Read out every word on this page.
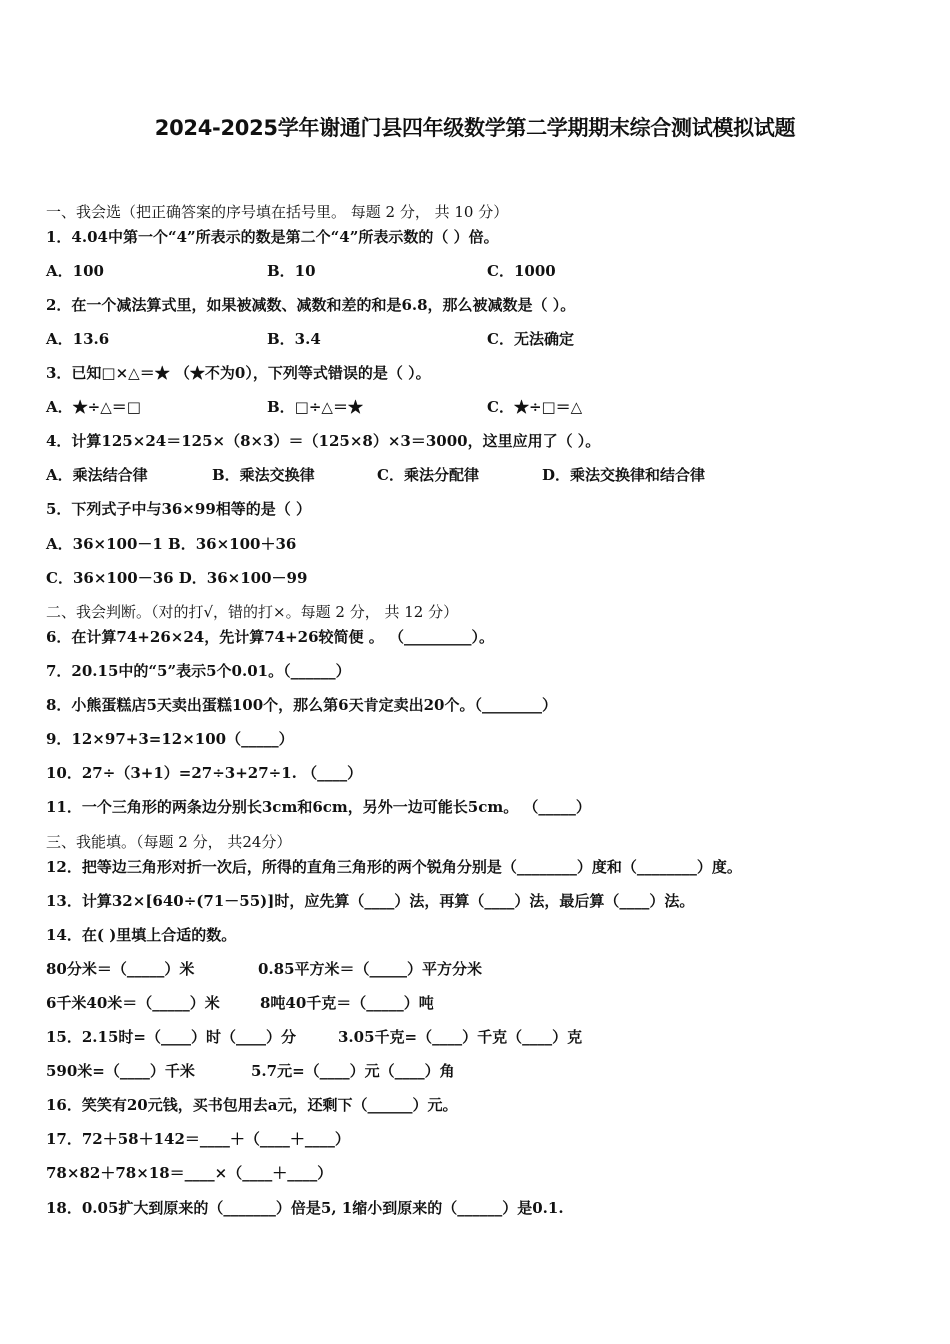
2024-2025学年谢通门县四年级数学第二学期期末综合测试模拟试题
一、我会选（把正确答案的序号填在括号里。 每题 2 分， 共 10 分）
1．4.04中第一个“4”所表示的数是第二个“4”所表示数的（ ）倍。
A．100	B．10	C．1000
2．在一个减法算式里，如果被减数、减数和差的和是6.8，那么被减数是（ ）。
A．13.6	B．3.4	C．无法确定
3．已知□×△＝★ （★不为0），下列等式错误的是（ ）。
A．★÷△＝□	B．□÷△＝★	C．★÷□＝△
4．计算125×24＝125×（8×3）＝（125×8）×3＝3000，这里应用了（ ）。
A．乘法结合律	B．乘法交换律	C．乘法分配律	D．乘法交换律和结合律
5．下列式子中与36×99相等的是（ ）
A．36×100－1 B．36×100＋36
C．36×100－36 D．36×100－99
二、我会判断。（对的打√，错的打×。每题 2 分， 共 12 分）
6．在计算74+26×24，先计算74+26较简便 。 （_________）。
7．20.15中的“5”表示5个0.01。（______）
8．小熊蛋糕店5天卖出蛋糕100个，那么第6天肯定卖出20个。（________）
9．12×97+3=12×100（_____）
10．27÷（3+1）=27÷3+27÷1. （____）
11．一个三角形的两条边分别长3cm和6cm，另外一边可能长5cm。 （_____）
三、我能填。（每题 2 分， 共24分）
12．把等边三角形对折一次后，所得的直角三角形的两个锐角分别是（________）度和（________）度。
13．计算32×[640÷(71－55)]时，应先算（____）法，再算（____）法，最后算（____）法。
14．在( )里填上合适的数。
80分米＝（_____）米	0.85平方米＝（_____）平方分米
6千米40米＝（_____）米	8吨40千克＝（_____）吨
15．2.15时=（____）时（____）分	3.05千克=（____）千克（____）克
590米=（____）千米	5.7元=（____）元（____）角
16．笑笑有20元钱，买书包用去a元，还剩下（______）元。
17．72＋58＋142＝____＋（____＋____）
78×82＋78×18＝____×（____＋____）
18．0.05扩大到原来的（_______）倍是5, 1缩小到原来的（______）是0.1.
